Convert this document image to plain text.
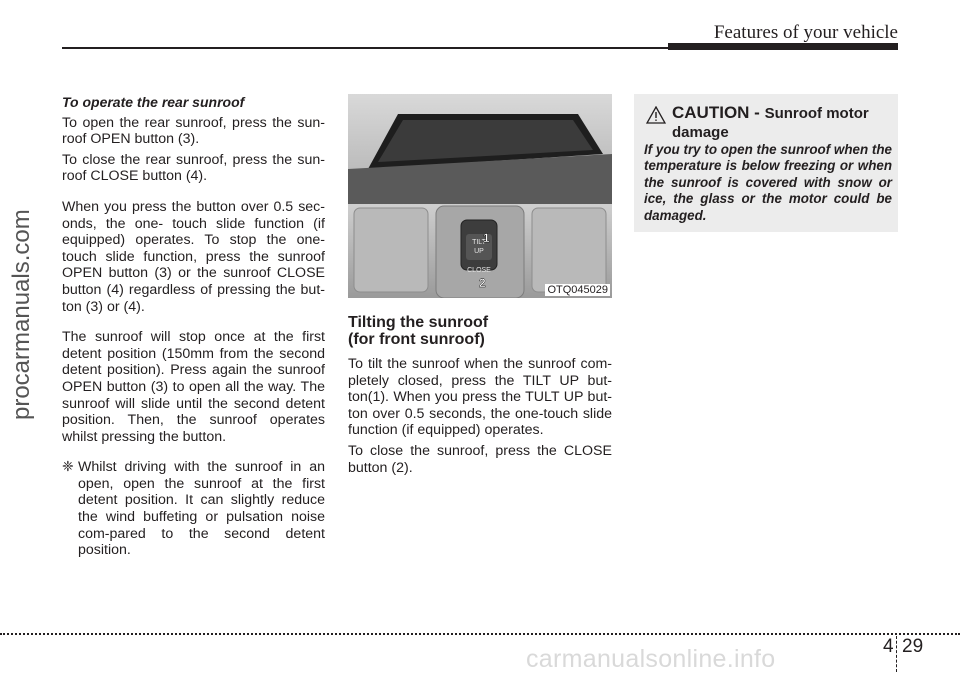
Features of your vehicle
procarmanuals.com

To operate the rear sunroof

To open the rear sunroof, press the sun-roof OPEN button (3).

To close the rear sunroof, press the sun-roof CLOSE button (4).

When you press the button over 0.5 sec-onds, the one- touch slide function (if equipped) operates. To stop the one-touch slide function, press the sunroof OPEN button (3) or the sunroof CLOSE button (4) regardless of pressing the but-ton (3) or (4).

The sunroof will stop once at the first detent position (150mm from the second detent position). Press again the sunroof OPEN button (3) to open all the way. The sunroof will slide until the second detent position. Then, the sunroof operates whilst pressing the button.

❈ Whilst driving with the sunroof in an open, open the sunroof at the first detent position. It can slightly reduce the wind buffeting or pulsation noise com-pared to the second detent position.
TILT
UP
CLOSE
1
2	OTQ045029
Tilting the sunroof
(for front sunroof)

To tilt the sunroof when the sunroof com-pletely closed, press the TILT UP but-ton(1). When you press the TULT UP but-ton over 0.5 seconds, the one-touch slide function (if equipped) operates.

To close the sunroof, press the CLOSE button (2).

CAUTION - Sunroof motor damage
If you try to open the sunroof when the temperature is below freezing or when the sunroof is covered with snow or ice, the glass or the motor could be damaged.
4 29
carmanualsonline.info
